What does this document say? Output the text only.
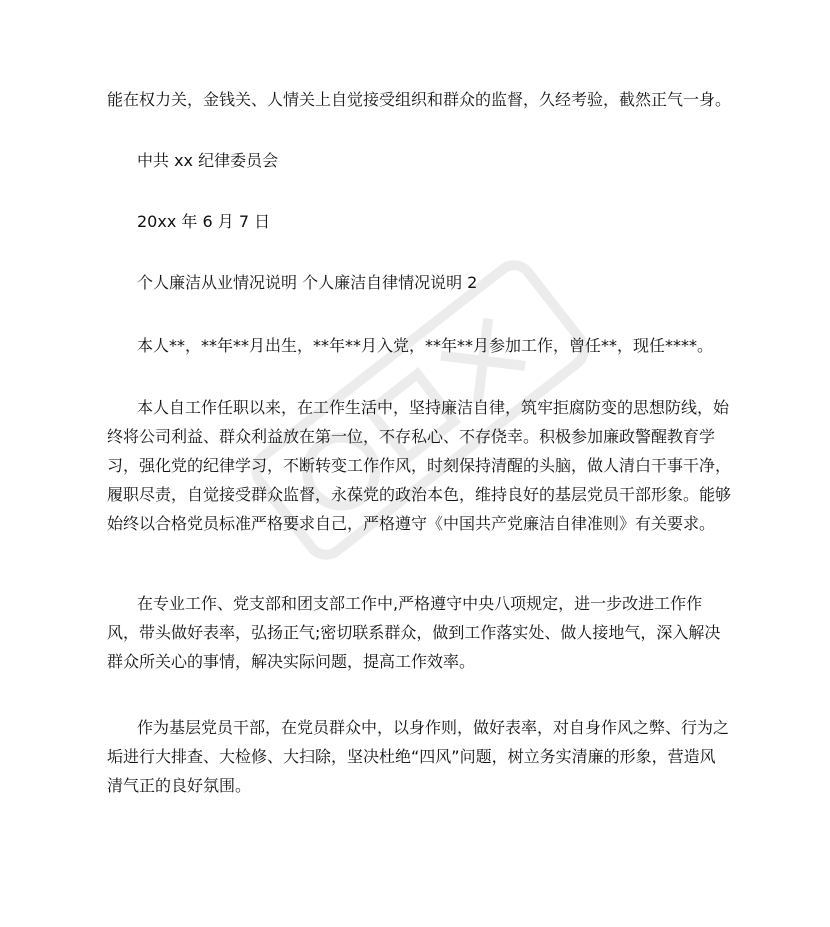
能在权力关，金钱关、人情关上自觉接受组织和群众的监督，久经考验，截然正气一身。
中共 xx 纪律委员会
20xx 年 6 月 7 日
个人廉洁从业情况说明 个人廉洁自律情况说明 2
本人**，**年**月出生，**年**月入党，**年**月参加工作，曾任**，现任****。
本人自工作任职以来，在工作生活中，坚持廉洁自律，筑牢拒腐防变的思想防线，始
终将公司利益、群众利益放在第一位，不存私心、不存侥幸。积极参加廉政警醒教育学
习，强化党的纪律学习，不断转变工作作风，时刻保持清醒的头脑，做人清白干事干净，
履职尽责，自觉接受群众监督，永葆党的政治本色，维持良好的基层党员干部形象。能够
始终以合格党员标准严格要求自己，严格遵守《中国共产党廉洁自律准则》有关要求。
在专业工作、党支部和团支部工作中,严格遵守中央八项规定，进一步改进工作作
风，带头做好表率，弘扬正气;密切联系群众，做到工作落实处、做人接地气，深入解决
群众所关心的事情，解决实际问题，提高工作效率。
作为基层党员干部，在党员群众中，以身作则，做好表率，对自身作风之弊、行为之
垢进行大排查、大检修、大扫除，坚决杜绝“四风”问题，树立务实清廉的形象，营造风
清气正的良好氛围。
